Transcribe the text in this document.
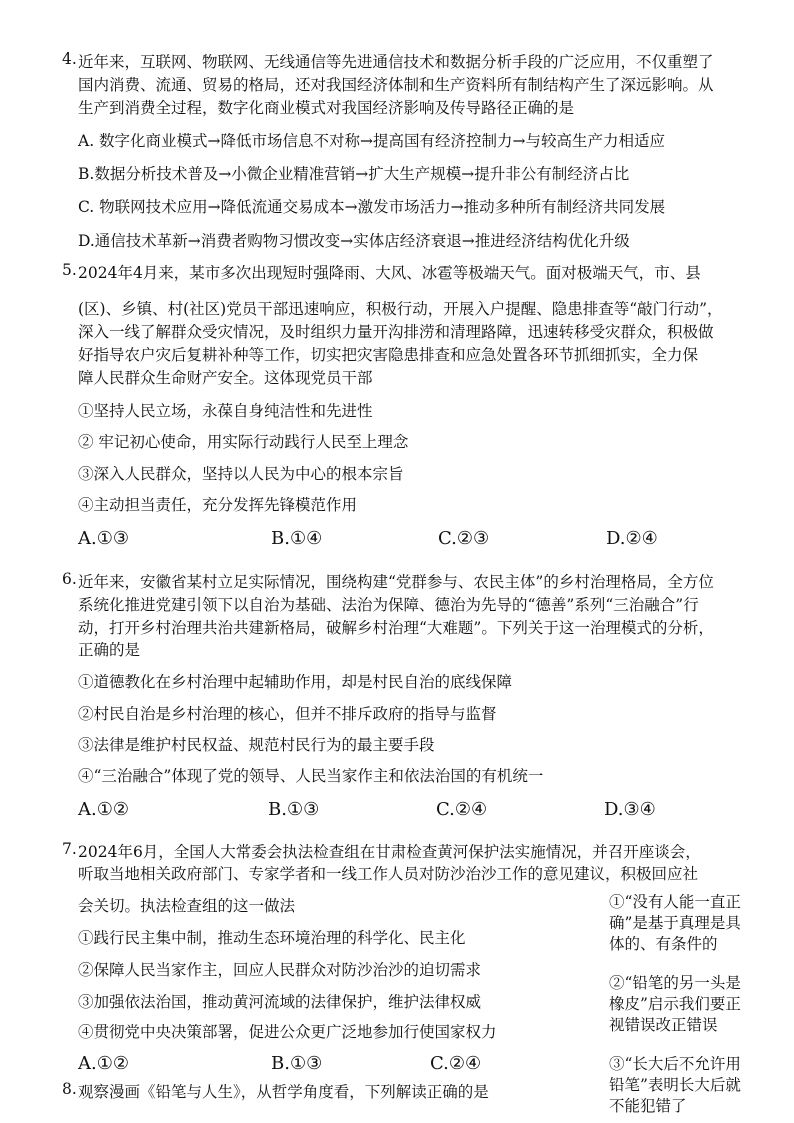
4. 近年来，互联网、物联网、无线通信等先进通信技术和数据分析手段的广泛应用，不仅重塑了
国内消费、流通、贸易的格局，还对我国经济体制和生产资料所有制结构产生了深远影响。从
生产到消费全过程，数字化商业模式对我国经济影响及传导路径正确的是
A. 数字化商业模式→降低市场信息不对称→提高国有经济控制力→与较高生产力相适应
B.数据分析技术普及→小微企业精准营销→扩大生产规模→提升非公有制经济占比
C. 物联网技术应用→降低流通交易成本→激发市场活力→推动多种所有制经济共同发展
D.通信技术革新→消费者购物习惯改变→实体店经济衰退→推进经济结构优化升级
5. 2024年4月来，某市多次出现短时强降雨、大风、冰雹等极端天气。面对极端天气，市、县
(区)、乡镇、村(社区)党员干部迅速响应，积极行动，开展入户提醒、隐患排查等“敲门行动”，
深入一线了解群众受灾情况，及时组织力量开沟排涝和清理路障，迅速转移受灾群众，积极做
好指导农户灾后复耕补种等工作，切实把灾害隐患排查和应急处置各环节抓细抓实，全力保
障人民群众生命财产安全。这体现党员干部
①坚持人民立场，永葆自身纯洁性和先进性
② 牢记初心使命，用实际行动践行人民至上理念
③深入人民群众，坚持以人民为中心的根本宗旨
④主动担当责任，充分发挥先锋模范作用
A.①③	B.①④	C.②③	D.②④
6. 近年来，安徽省某村立足实际情况，围绕构建“党群参与、农民主体”的乡村治理格局，全方位
系统化推进党建引领下以自治为基础、法治为保障、德治为先导的“德善”系列“三治融合”行
动，打开乡村治理共治共建新格局，破解乡村治理“大难题”。下列关于这一治理模式的分析，
正确的是
①道德教化在乡村治理中起辅助作用，却是村民自治的底线保障
②村民自治是乡村治理的核心，但并不排斥政府的指导与监督
③法律是维护村民权益、规范村民行为的最主要手段
④“三治融合”体现了党的领导、人民当家作主和依法治国的有机统一
A.①②	B.①③	C.②④	D.③④
7. 2024年6月，全国人大常委会执法检查组在甘肃检查黄河保护法实施情况，并召开座谈会，
听取当地相关政府部门、专家学者和一线工作人员对防沙治沙工作的意见建议，积极回应社
会关切。执法检查组的这一做法
①践行民主集中制，推动生态环境治理的科学化、民主化
②保障人民当家作主，回应人民群众对防沙治沙的迫切需求
③加强依法治国，推动黄河流域的法律保护，维护法律权威
④贯彻党中央决策部署，促进公众更广泛地参加行使国家权力
A.①②	B.①③	C.②④
8. 观察漫画《铅笔与人生》，从哲学角度看，下列解读正确的是
①“没有人能一直正
确”是基于真理是具
体的、有条件的
②“铅笔的另一头是
橡皮”启示我们要正
视错误改正错误
③“长大后不允许用
铅笔”表明长大后就
不能犯错了
